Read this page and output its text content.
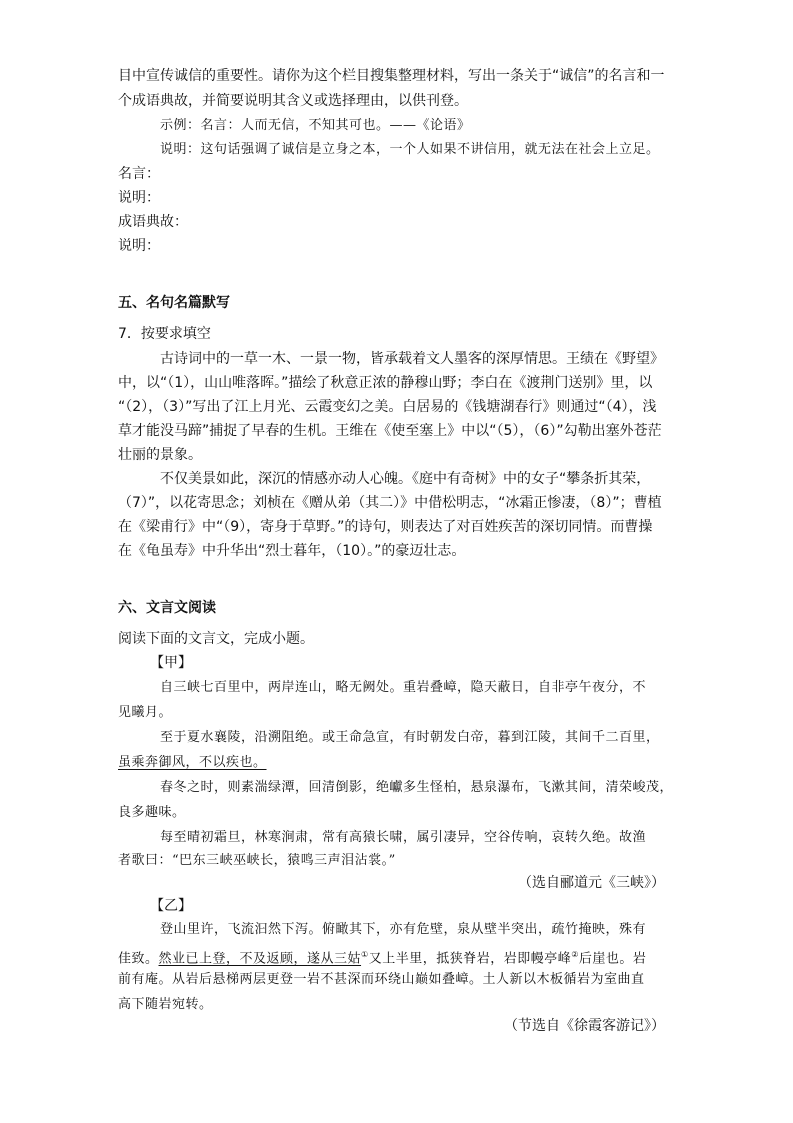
目中宣传诚信的重要性。请你为这个栏目搜集整理材料，写出一条关于“诚信”的名言和一
个成语典故，并简要说明其含义或选择理由，以供刊登。
示例：名言：人而无信，不知其可也。——《论语》
说明：这句话强调了诚信是立身之本，一个人如果不讲信用，就无法在社会上立足。
名言：
说明：
成语典故：
说明：
五、名句名篇默写
7．按要求填空
古诗词中的一草一木、一景一物，皆承载着文人墨客的深厚情思。王绩在《野望》
中，以“（1），山山唯落晖。”描绘了秋意正浓的静穆山野；李白在《渡荆门送别》里，以
“（2），（3）”写出了江上月光、云霞变幻之美。白居易的《钱塘湖春行》则通过“（4），浅
草才能没马蹄”捕捉了早春的生机。王维在《使至塞上》中以“（5），（6）”勾勒出塞外苍茫
壮丽的景象。
不仅美景如此，深沉的情感亦动人心魄。《庭中有奇树》中的女子“攀条折其荣，
（7）”，以花寄思念；刘桢在《赠从弟（其二）》中借松明志，“冰霜正惨凄，（8）”；曹植
在《梁甫行》中“（9），寄身于草野。”的诗句，则表达了对百姓疾苦的深切同情。而曹操
在《龟虽寿》中升华出“烈士暮年，（10）。”的豪迈壮志。
六、文言文阅读
阅读下面的文言文，完成小题。
【甲】
自三峡七百里中，两岸连山，略无阙处。重岩叠嶂，隐天蔽日，自非亭午夜分，不
见曦月。
至于夏水襄陵，沿溯阻绝。或王命急宣，有时朝发白帝，暮到江陵，其间千二百里，
虽乘奔御风，不以疾也。
春冬之时，则素湍绿潭，回清倒影，绝巘多生怪柏，悬泉瀑布，飞漱其间，清荣峻茂，
良多趣味。
每至晴初霜旦，林寒涧肃，常有高猿长啸，属引凄异，空谷传响，哀转久绝。故渔
者歌曰：“巴东三峡巫峡长，猿鸣三声泪沾裳。”
（选自郦道元《三峡》）
【乙】
登山里许，飞流汩然下泻。俯瞰其下，亦有危壁，泉从壁半突出，疏竹掩映，殊有
佳致。然业已上登，不及返顾，遂从三姑①又上半里，抵狭脊岩，岩即幔亭峰②后崖也。岩
前有庵。从岩后悬梯两层更登一岩不甚深而环绕山巅如叠嶂。土人新以木板循岩为室曲直
高下随岩宛转。
（节选自《徐霞客游记》）
